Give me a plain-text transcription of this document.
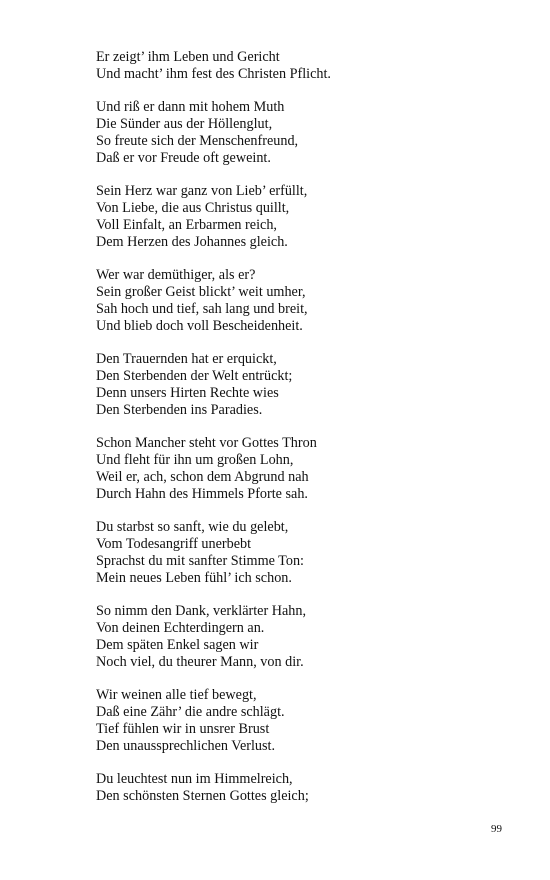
Er zeigt’ ihm Leben und Gericht
Und macht’ ihm fest des Christen Pflicht.
Und riß er dann mit hohem Muth
Die Sünder aus der Höllenglut,
So freute sich der Menschenfreund,
Daß er vor Freude oft geweint.
Sein Herz war ganz von Lieb’ erfüllt,
Von Liebe, die aus Christus quillt,
Voll Einfalt, an Erbarmen reich,
Dem Herzen des Johannes gleich.
Wer war demüthiger, als er?
Sein großer Geist blickt’ weit umher,
Sah hoch und tief, sah lang und breit,
Und blieb doch voll Bescheidenheit.
Den Trauernden hat er erquickt,
Den Sterbenden der Welt entrückt;
Denn unsers Hirten Rechte wies
Den Sterbenden ins Paradies.
Schon Mancher steht vor Gottes Thron
Und fleht für ihn um großen Lohn,
Weil er, ach, schon dem Abgrund nah
Durch Hahn des Himmels Pforte sah.
Du starbst so sanft, wie du gelebt,
Vom Todesangriff unerbebt
Sprachst du mit sanfter Stimme Ton:
Mein neues Leben fühl’ ich schon.
So nimm den Dank, verklärter Hahn,
Von deinen Echterdingern an.
Dem späten Enkel sagen wir
Noch viel, du theurer Mann, von dir.
Wir weinen alle tief bewegt,
Daß eine Zähr’ die andre schlägt.
Tief fühlen wir in unsrer Brust
Den unaussprechlichen Verlust.
Du leuchtest nun im Himmelreich,
Den schönsten Sternen Gottes gleich;
99
